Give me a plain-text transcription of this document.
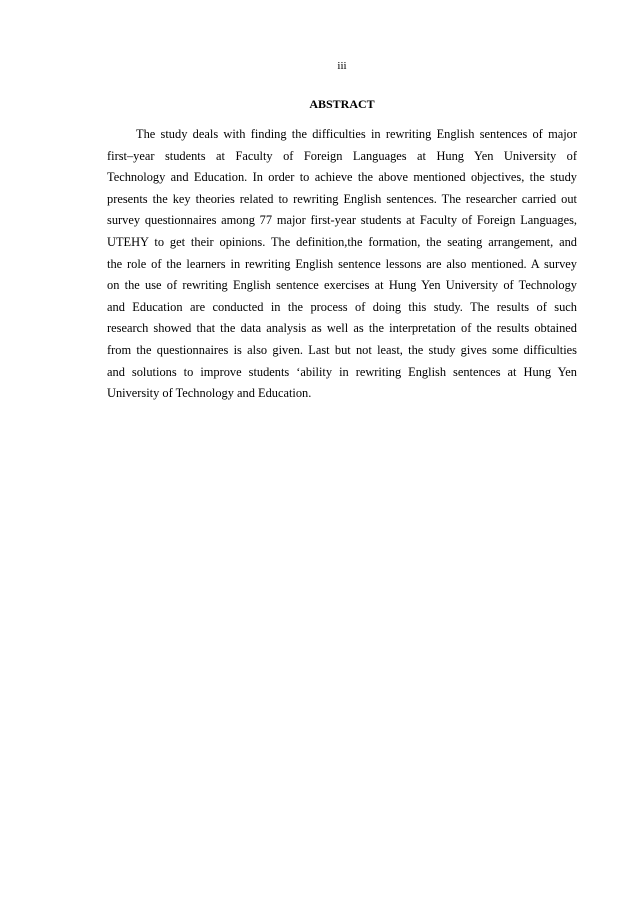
iii
ABSTRACT
The study deals with finding the difficulties in rewriting English sentences of major
first–year students at Faculty of Foreign Languages at Hung Yen University of
Technology and Education. In order to achieve the above mentioned objectives, the study
presents the key theories related to rewriting English sentences. The researcher carried out
survey questionnaires among 77 major first-year students at Faculty of Foreign Languages,
UTEHY to get their opinions. The definition,the formation, the seating arrangement, and
the role of the learners in rewriting English sentence lessons are also mentioned. A survey
on the use of rewriting English sentence exercises at Hung Yen University of Technology
and Education are conducted in the process of doing this study. The results of such
research showed that the data analysis as well as the interpretation of the results obtained
from the questionnaires is also given. Last but not least, the study gives some difficulties
and solutions to improve students ‘ability in rewriting English sentences at Hung Yen
University of Technology and Education.
